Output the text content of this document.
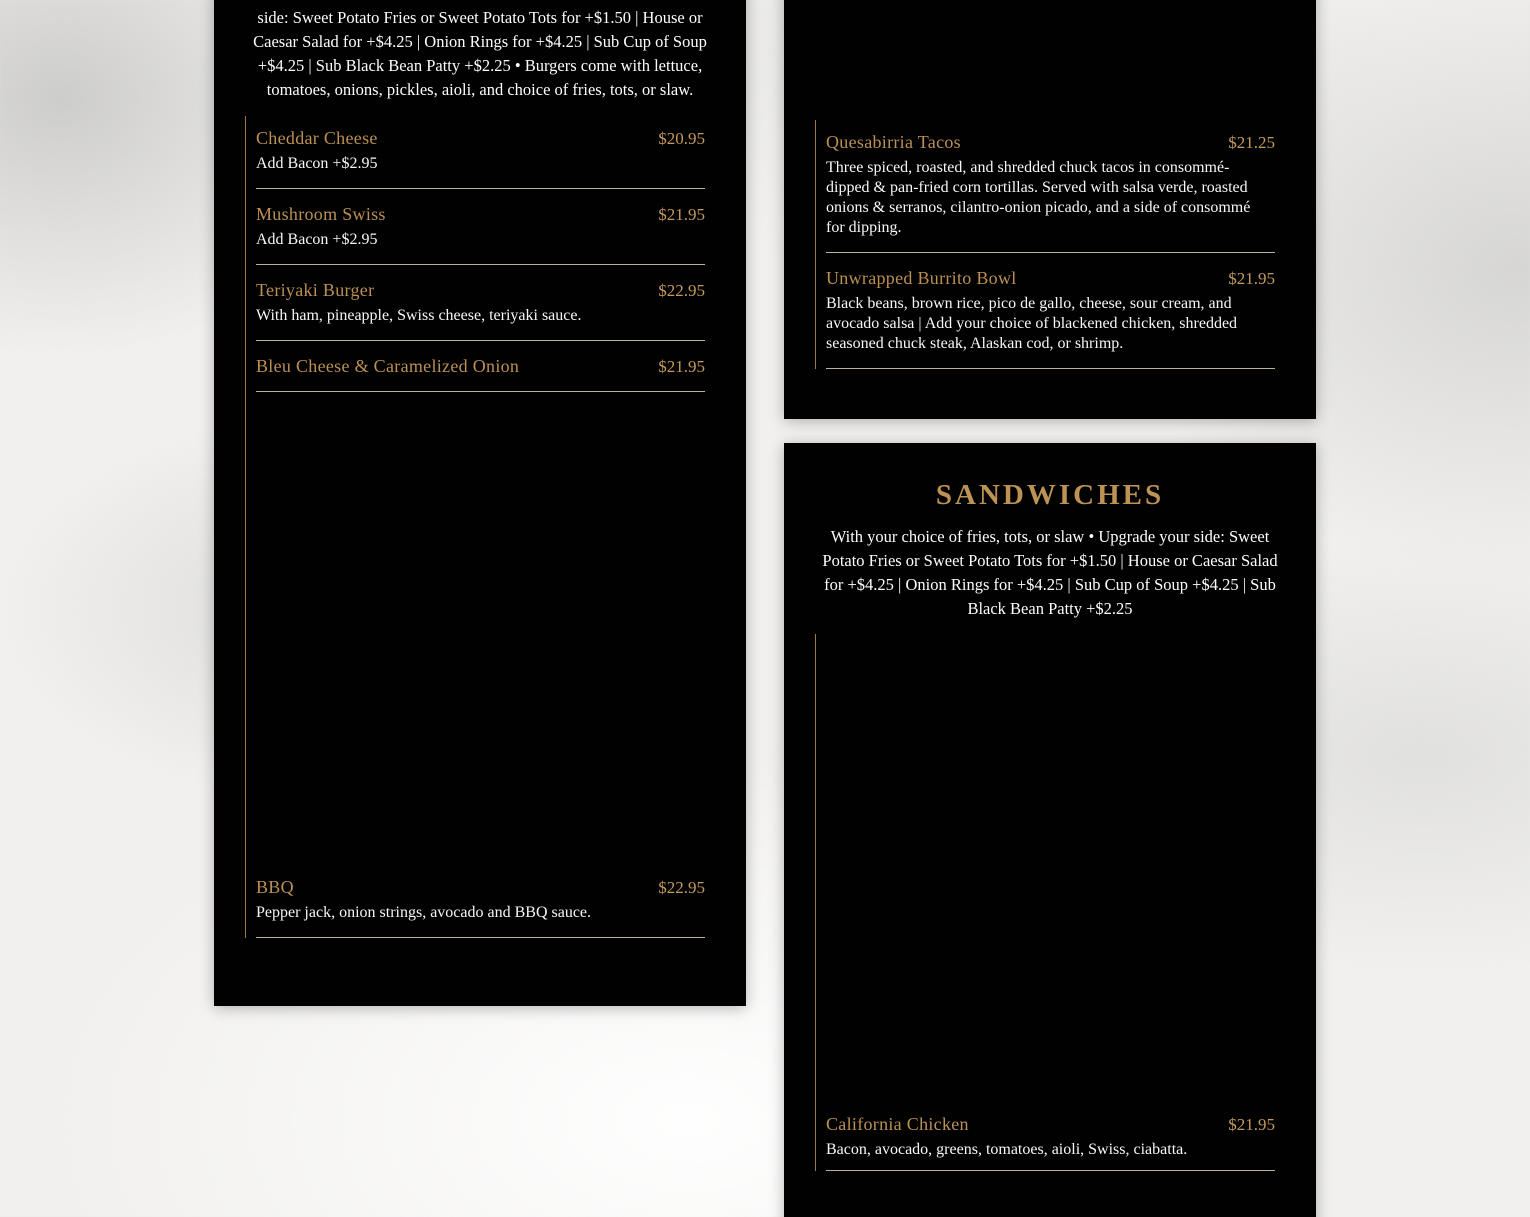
side: Sweet Potato Fries or Sweet Potato Tots for +$1.50 | House or Caesar Salad for +$4.25 | Onion Rings for +$4.25 | Sub Cup of Soup +$4.25 | Sub Black Bean Patty +$2.25 • Burgers come with lettuce, tomatoes, onions, pickles, aioli, and choice of fries, tots, or slaw.

Cheddar Cheese	$20.95
Add Bacon +$2.95
Mushroom Swiss	$21.95
Add Bacon +$2.95
Teriyaki Burger	$22.95
With ham, pineapple, Swiss cheese, teriyaki sauce.
Bleu Cheese & Caramelized Onion	$21.95
BBQ	$22.95
Pepper jack, onion strings, avocado and BBQ sauce.
Quesabirria Tacos	$21.25
Three spiced, roasted, and shredded chuck tacos in consommé-dipped & pan-fried corn tortillas. Served with salsa verde, roasted onions & serranos, cilantro-onion picado, and a side of consommé for dipping.
Unwrapped Burrito Bowl	$21.95
Black beans, brown rice, pico de gallo, cheese, sour cream, and avocado salsa | Add your choice of blackened chicken, shredded seasoned chuck steak, Alaskan cod, or shrimp.
SANDWICHES

With your choice of fries, tots, or slaw • Upgrade your side: Sweet Potato Fries or Sweet Potato Tots for +$1.50 | House or Caesar Salad for +$4.25 | Onion Rings for +$4.25 | Sub Cup of Soup +$4.25 | Sub Black Bean Patty +$2.25

California Chicken	$21.95
Bacon, avocado, greens, tomatoes, aioli, Swiss, ciabatta.
